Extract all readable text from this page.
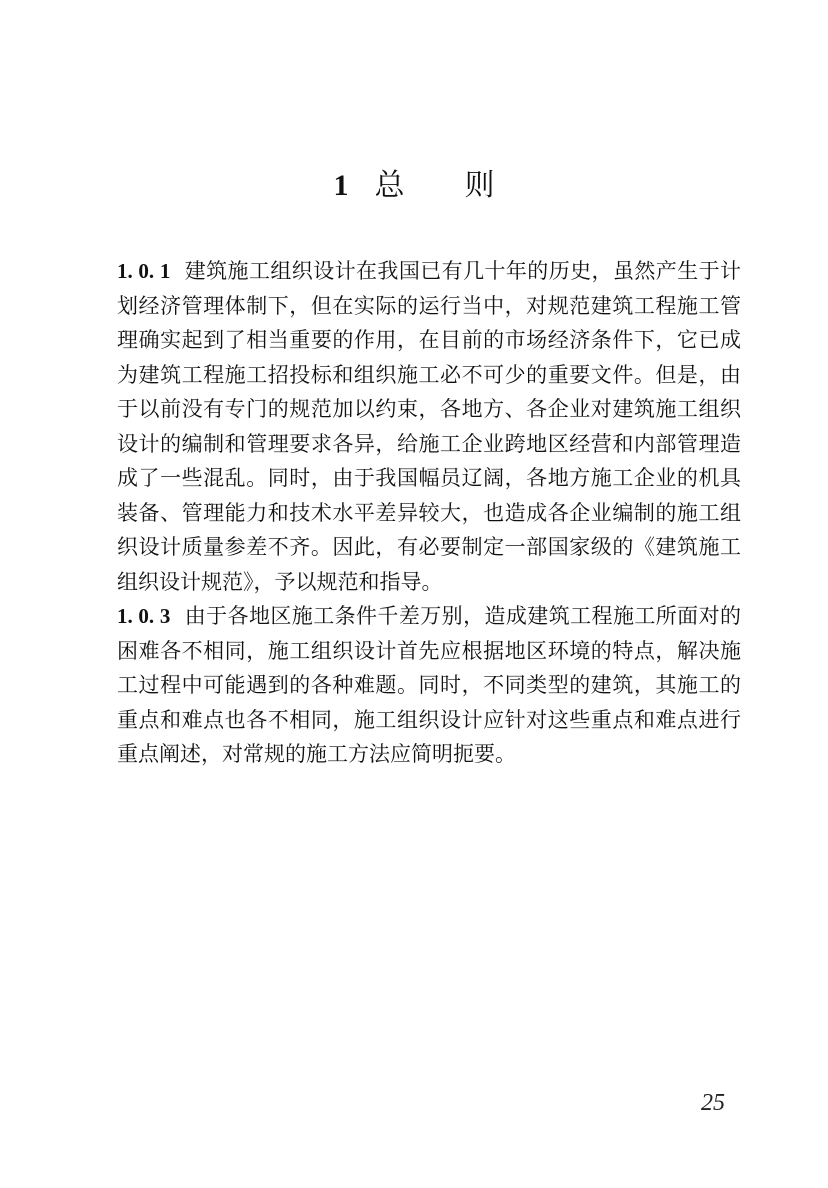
1 总 则

1. 0. 1 建筑施工组织设计在我国已有几十年的历史，虽然产生于计划经济管理体制下，但在实际的运行当中，对规范建筑工程施工管理确实起到了相当重要的作用，在目前的市场经济条件下，它已成为建筑工程施工招投标和组织施工必不可少的重要文件。但是，由于以前没有专门的规范加以约束，各地方、各企业对建筑施工组织设计的编制和管理要求各异，给施工企业跨地区经营和内部管理造成了一些混乱。同时，由于我国幅员辽阔，各地方施工企业的机具装备、管理能力和技术水平差异较大，也造成各企业编制的施工组织设计质量参差不齐。因此，有必要制定一部国家级的《建筑施工组织设计规范》，予以规范和指导。

1. 0. 3 由于各地区施工条件千差万别，造成建筑工程施工所面对的困难各不相同，施工组织设计首先应根据地区环境的特点，解决施工过程中可能遇到的各种难题。同时，不同类型的建筑，其施工的重点和难点也各不相同，施工组织设计应针对这些重点和难点进行重点阐述，对常规的施工方法应简明扼要。

25
